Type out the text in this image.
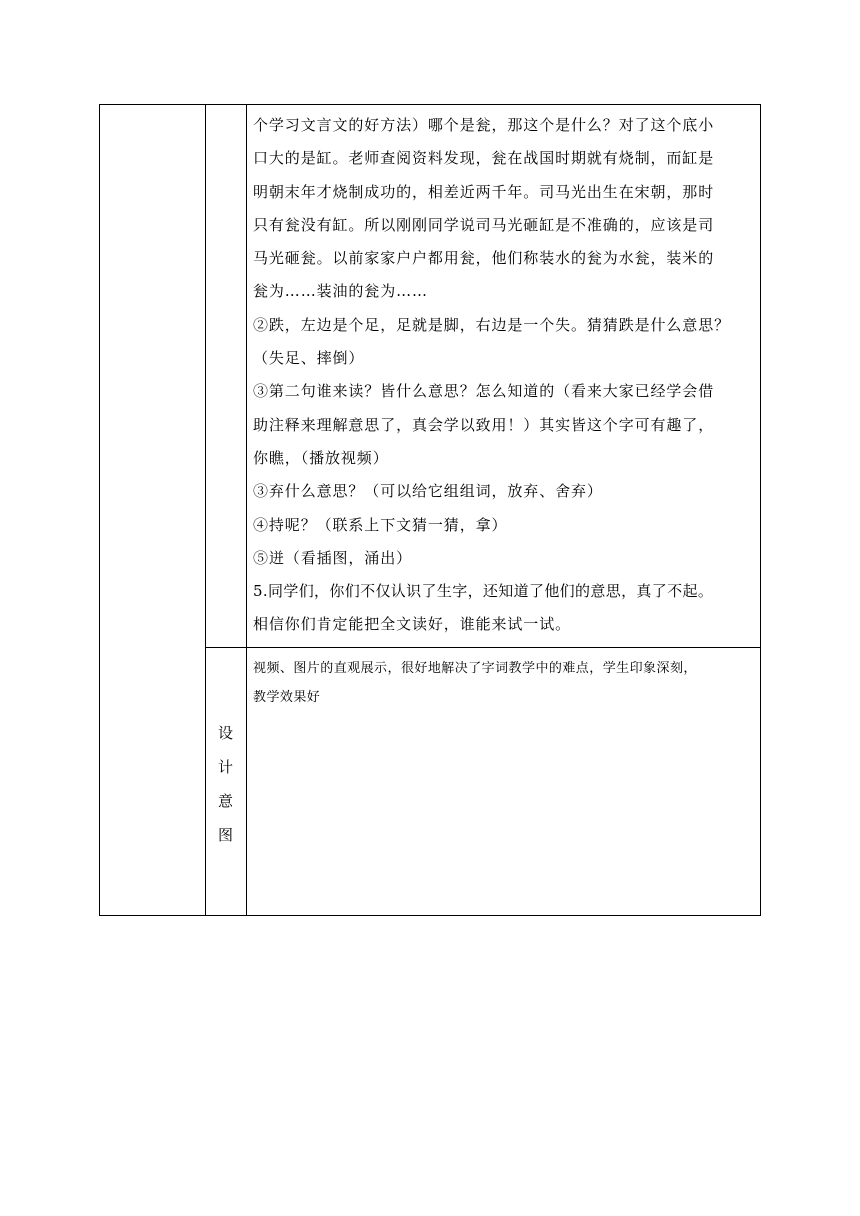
个学习文言文的好方法）哪个是瓮，那这个是什么？对了这个底小
口大的是缸。老师查阅资料发现，瓮在战国时期就有烧制，而缸是
明朝末年才烧制成功的，相差近两千年。司马光出生在宋朝，那时
只有瓮没有缸。所以刚刚同学说司马光砸缸是不准确的，应该是司
马光砸瓮。以前家家户户都用瓮，他们称装水的瓮为水瓮，装米的
瓮为……装油的瓮为……
②跌，左边是个足，足就是脚，右边是一个失。猜猜跌是什么意思？
（失足、摔倒）
③第二句谁来读？皆什么意思？怎么知道的（看来大家已经学会借
助注释来理解意思了，真会学以致用！）其实皆这个字可有趣了，
你瞧，（播放视频）
③弃什么意思？（可以给它组组词，放弃、舍弃）
④持呢？（联系上下文猜一猜，拿）
⑤迸（看插图，涌出）
5.同学们，你们不仅认识了生字，还知道了他们的意思，真了不起。
相信你们肯定能把全文读好，谁能来试一试。
设
计
意
图
视频、图片的直观展示，很好地解决了字词教学中的难点，学生印象深刻，
教学效果好
